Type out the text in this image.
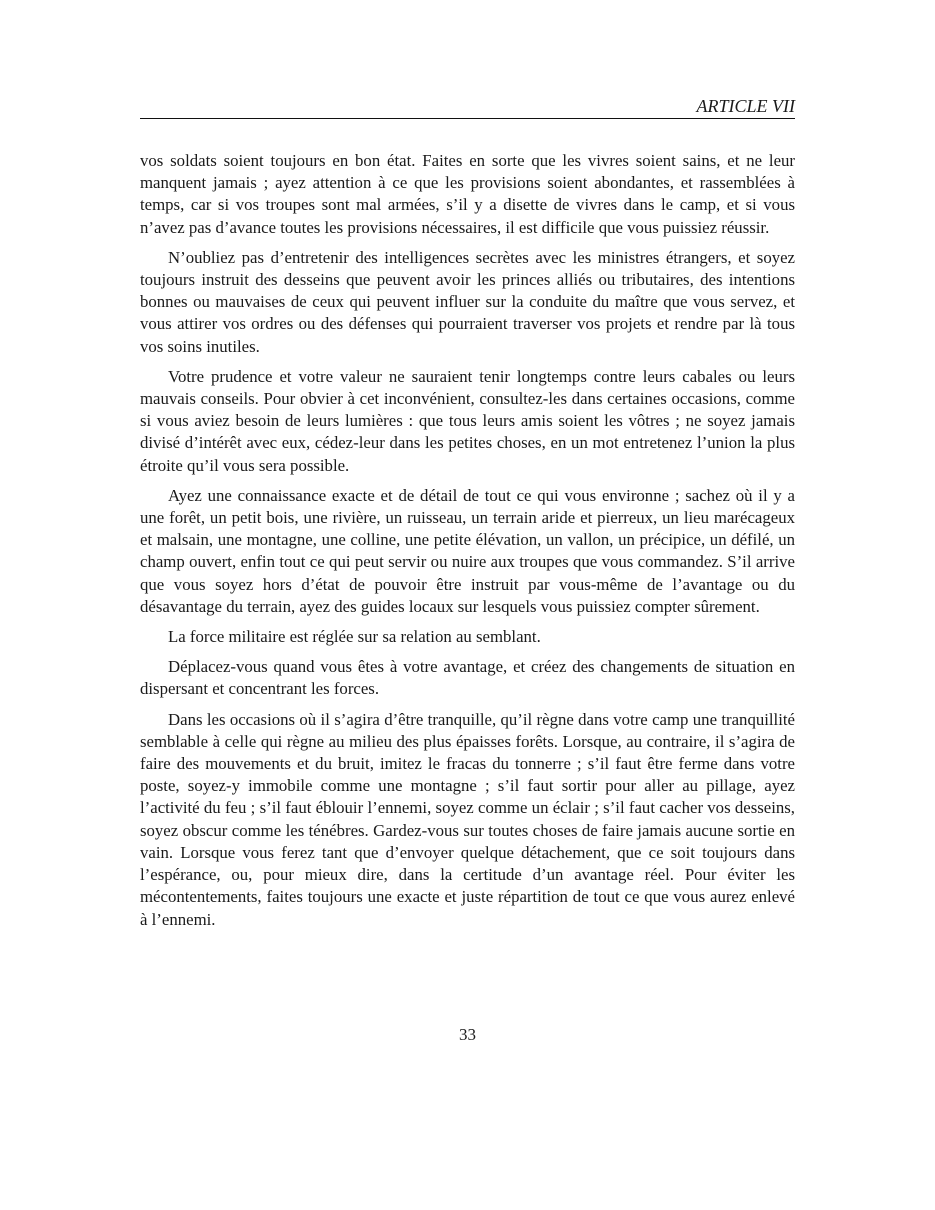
ARTICLE VII

vos soldats soient toujours en bon état. Faites en sorte que les vivres soient sains, et ne leur manquent jamais ; ayez attention à ce que les provisions soient abondantes, et rassemblées à temps, car si vos troupes sont mal armées, s’il y a disette de vivres dans le camp, et si vous n’avez pas d’avance toutes les provisions nécessaires, il est difficile que vous puissiez réussir.

N’oubliez pas d’entretenir des intelligences secrètes avec les ministres étrangers, et soyez toujours instruit des desseins que peuvent avoir les princes alliés ou tributaires, des intentions bonnes ou mauvaises de ceux qui peuvent influer sur la conduite du maître que vous servez, et vous attirer vos ordres ou des défenses qui pourraient traverser vos projets et rendre par là tous vos soins inutiles.

Votre prudence et votre valeur ne sauraient tenir longtemps contre leurs cabales ou leurs mauvais conseils. Pour obvier à cet inconvénient, consultez-les dans certaines occasions, comme si vous aviez besoin de leurs lumières : que tous leurs amis soient les vôtres ; ne soyez jamais divisé d’intérêt avec eux, cédez-leur dans les petites choses, en un mot entretenez l’union la plus étroite qu’il vous sera possible.

Ayez une connaissance exacte et de détail de tout ce qui vous environne ; sachez où il y a une forêt, un petit bois, une rivière, un ruisseau, un terrain aride et pierreux, un lieu marécageux et malsain, une montagne, une colline, une petite élévation, un vallon, un précipice, un défilé, un champ ouvert, enfin tout ce qui peut servir ou nuire aux troupes que vous commandez. S’il arrive que vous soyez hors d’état de pouvoir être instruit par vous-même de l’avantage ou du désavantage du terrain, ayez des guides locaux sur lesquels vous puissiez compter sûrement.

La force militaire est réglée sur sa relation au semblant.

Déplacez-vous quand vous êtes à votre avantage, et créez des changements de situation en dispersant et concentrant les forces.

Dans les occasions où il s’agira d’être tranquille, qu’il règne dans votre camp une tranquillité semblable à celle qui règne au milieu des plus épaisses forêts. Lorsque, au contraire, il s’agira de faire des mouvements et du bruit, imitez le fracas du tonnerre ; s’il faut être ferme dans votre poste, soyez-y immobile comme une montagne ; s’il faut sortir pour aller au pillage, ayez l’activité du feu ; s’il faut éblouir l’ennemi, soyez comme un éclair ; s’il faut cacher vos desseins, soyez obscur comme les ténébres. Gardez-vous sur toutes choses de faire jamais aucune sortie en vain. Lorsque vous ferez tant que d’envoyer quelque détachement, que ce soit toujours dans l’espérance, ou, pour mieux dire, dans la certitude d’un avantage réel. Pour éviter les mécontentements, faites toujours une exacte et juste répartition de tout ce que vous aurez enlevé à l’ennemi.

33
